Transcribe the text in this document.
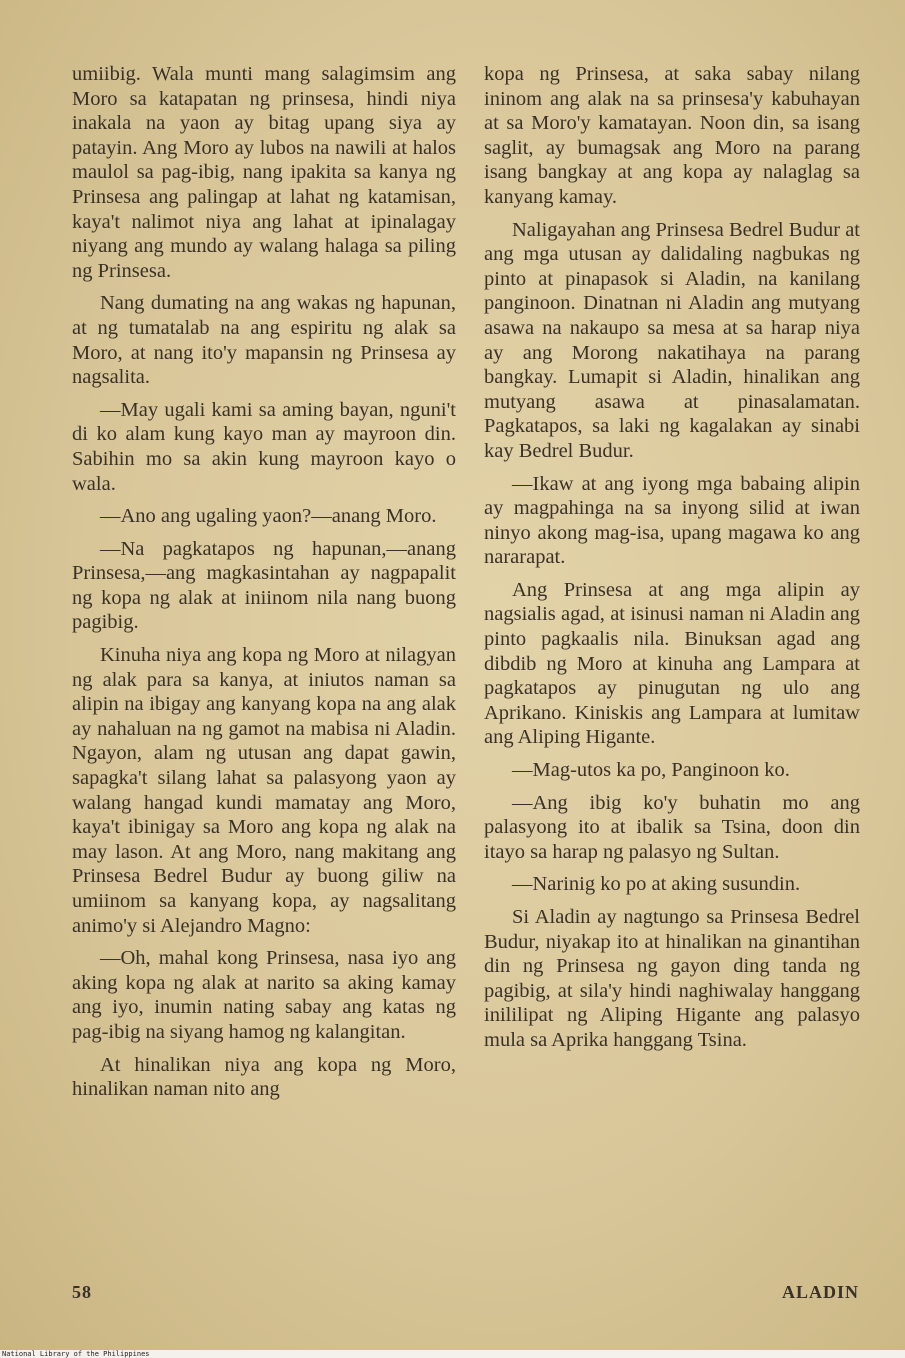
umiibig. Wala munti mang salagimsim ang Moro sa katapatan ng prinsesa, hindi niya inakala na yaon ay bitag upang siya ay patayin. Ang Moro ay lubos na nawili at halos maulol sa pag-ibig, nang ipakita sa kanya ng Prinsesa ang palingap at lahat ng katamisan, kaya't nalimot niya ang lahat at ipinalagay niyang ang mundo ay walang halaga sa piling ng Prinsesa.

Nang dumating na ang wakas ng hapunan, at ng tumatalab na ang espiritu ng alak sa Moro, at nang ito'y mapansin ng Prinsesa ay nagsalita.

—May ugali kami sa aming bayan, nguni't di ko alam kung kayo man ay mayroon din. Sabihin mo sa akin kung mayroon kayo o wala.

—Ano ang ugaling yaon?—anang Moro.

—Na pagkatapos ng hapunan,—anang Prinsesa,—ang magkasintahan ay nagpapalit ng kopa ng alak at iniinom nila nang buong pagibig.

Kinuha niya ang kopa ng Moro at nilagyan ng alak para sa kanya, at iniutos naman sa alipin na ibigay ang kanyang kopa na ang alak ay nahaluan na ng gamot na mabisa ni Aladin. Ngayon, alam ng utusan ang dapat gawin, sapagka't silang lahat sa palasyong yaon ay walang hangad kundi mamatay ang Moro, kaya't ibinigay sa Moro ang kopa ng alak na may lason. At ang Moro, nang makitang ang Prinsesa Bedrel Budur ay buong giliw na umiinom sa kanyang kopa, ay nagsalitang animo'y si Alejandro Magno:

—Oh, mahal kong Prinsesa, nasa iyo ang aking kopa ng alak at narito sa aking kamay ang iyo, inumin nating sabay ang katas ng pag-ibig na siyang hamog ng kalangitan.

At hinalikan niya ang kopa ng Moro, hinalikan naman nito ang

kopa ng Prinsesa, at saka sabay nilang ininom ang alak na sa prinsesa'y kabuhayan at sa Moro'y kamatayan. Noon din, sa isang saglit, ay bumagsak ang Moro na parang isang bangkay at ang kopa ay nalaglag sa kanyang kamay.

Naligayahan ang Prinsesa Bedrel Budur at ang mga utusan ay dalidaling nagbukas ng pinto at pinapasok si Aladin, na kanilang panginoon. Dinatnan ni Aladin ang mutyang asawa na nakaupo sa mesa at sa harap niya ay ang Morong nakatihaya na parang bangkay. Lumapit si Aladin, hinalikan ang mutyang asawa at pinasalamatan. Pagkatapos, sa laki ng kagalakan ay sinabi kay Bedrel Budur.

—Ikaw at ang iyong mga babaing alipin ay magpahinga na sa inyong silid at iwan ninyo akong mag-isa, upang magawa ko ang nararapat.

Ang Prinsesa at ang mga alipin ay nagsialis agad, at isinusi naman ni Aladin ang pinto pagkaalis nila. Binuksan agad ang dibdib ng Moro at kinuha ang Lampara at pagkatapos ay pinugutan ng ulo ang Aprikano. Kiniskis ang Lampara at lumitaw ang Aliping Higante.

—Mag-utos ka po, Panginoon ko.

—Ang ibig ko'y buhatin mo ang palasyong ito at ibalik sa Tsina, doon din itayo sa harap ng palasyo ng Sultan.

—Narinig ko po at aking susundin.

Si Aladin ay nagtungo sa Prinsesa Bedrel Budur, niyakap ito at hinalikan na ginantihan din ng Prinsesa ng gayon ding tanda ng pagibig, at sila'y hindi naghiwalay hanggang inililipat ng Aliping Higante ang palasyo mula sa Aprika hanggang Tsina.

58	ALADIN
National Library of the Philippines
